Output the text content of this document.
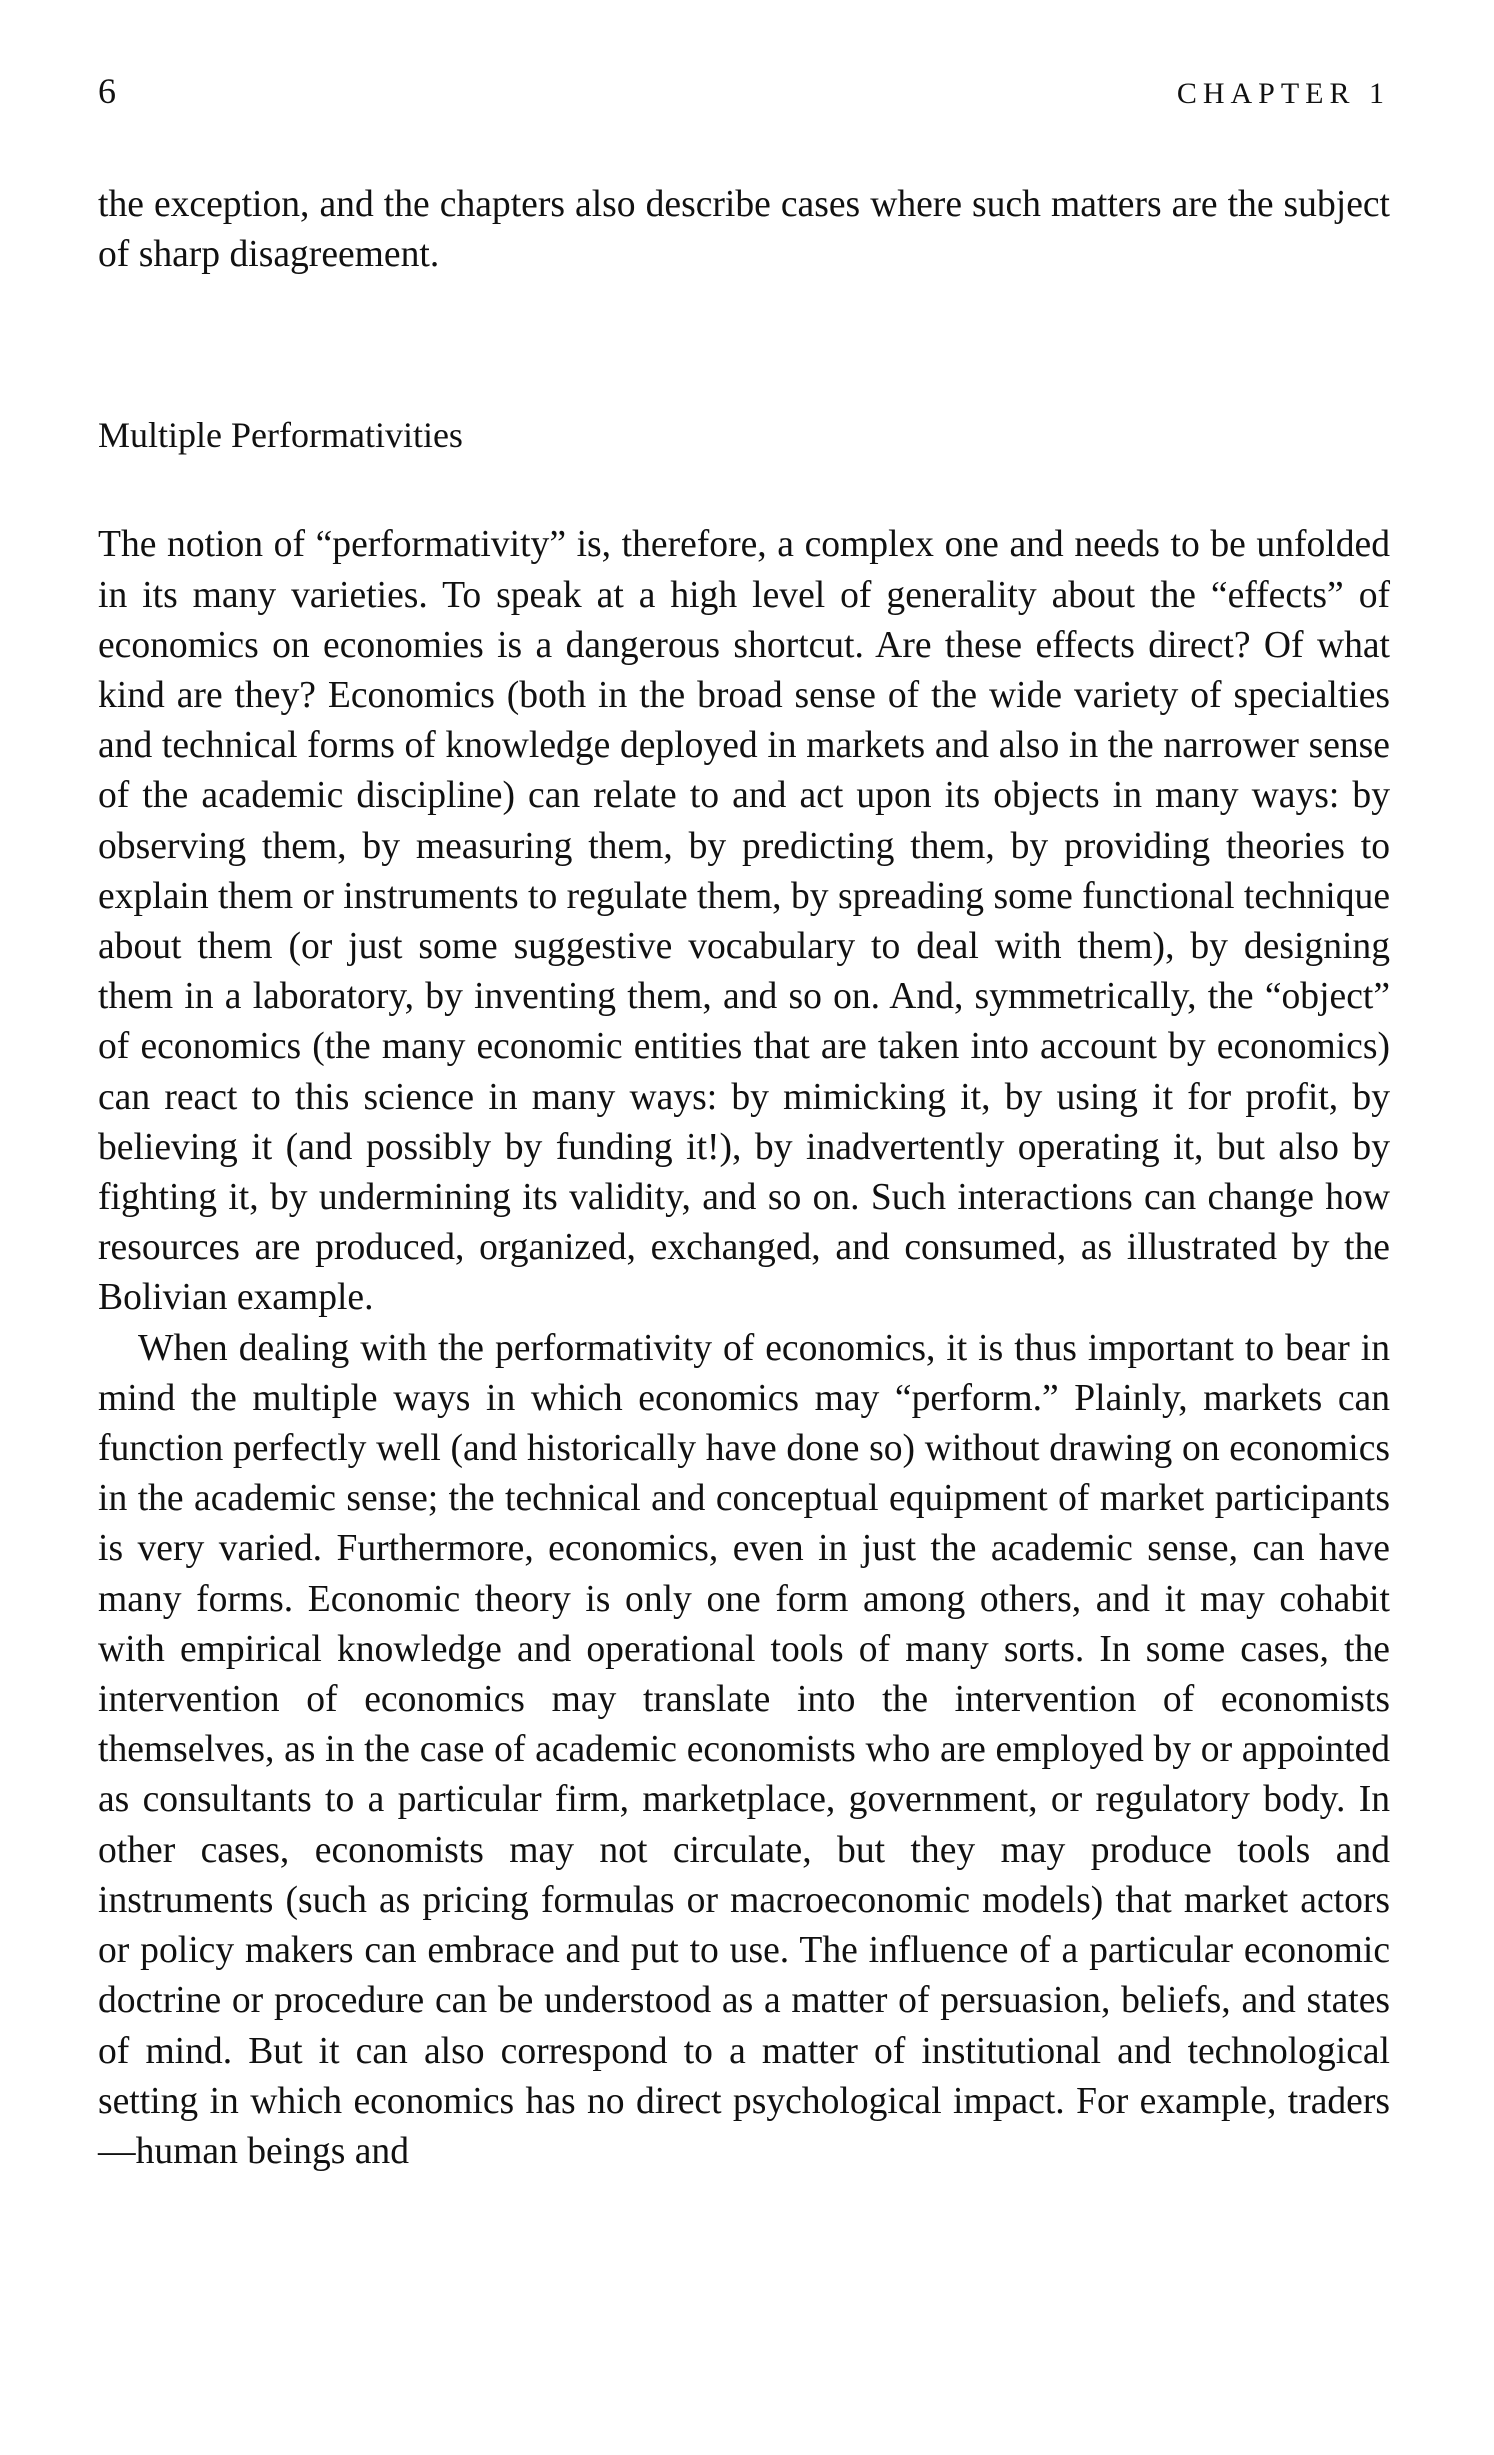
6	CHAPTER 1

the exception, and the chapters also describe cases where such matters are the subject of sharp disagreement.

Multiple Performativities

The notion of “performativity” is, therefore, a complex one and needs to be unfolded in its many varieties. To speak at a high level of generality about the “effects” of economics on economies is a dangerous shortcut. Are these effects direct? Of what kind are they? Economics (both in the broad sense of the wide variety of specialties and technical forms of knowledge deployed in markets and also in the narrower sense of the academic discipline) can relate to and act upon its objects in many ways: by observing them, by measuring them, by predicting them, by providing theories to explain them or instruments to regulate them, by spreading some functional technique about them (or just some suggestive vocabulary to deal with them), by designing them in a laboratory, by inventing them, and so on. And, symmetrically, the “object” of economics (the many economic entities that are taken into account by economics) can react to this science in many ways: by mimicking it, by using it for profit, by believing it (and possibly by funding it!), by inadvertently operating it, but also by fighting it, by undermining its validity, and so on. Such interactions can change how resources are produced, organized, exchanged, and consumed, as illustrated by the Bolivian example.

When dealing with the performativity of economics, it is thus important to bear in mind the multiple ways in which economics may “perform.” Plainly, markets can function perfectly well (and historically have done so) without drawing on economics in the academic sense; the technical and conceptual equipment of market participants is very varied. Furthermore, economics, even in just the academic sense, can have many forms. Economic theory is only one form among others, and it may cohabit with empirical knowledge and operational tools of many sorts. In some cases, the intervention of economics may translate into the intervention of economists themselves, as in the case of academic economists who are employed by or appointed as consultants to a particular firm, marketplace, government, or regulatory body. In other cases, economists may not circulate, but they may produce tools and instruments (such as pricing formulas or macroeconomic models) that market actors or policy makers can embrace and put to use. The influence of a particular economic doctrine or procedure can be understood as a matter of persuasion, beliefs, and states of mind. But it can also correspond to a matter of institutional and technological setting in which economics has no direct psychological impact. For example, traders—human beings and
